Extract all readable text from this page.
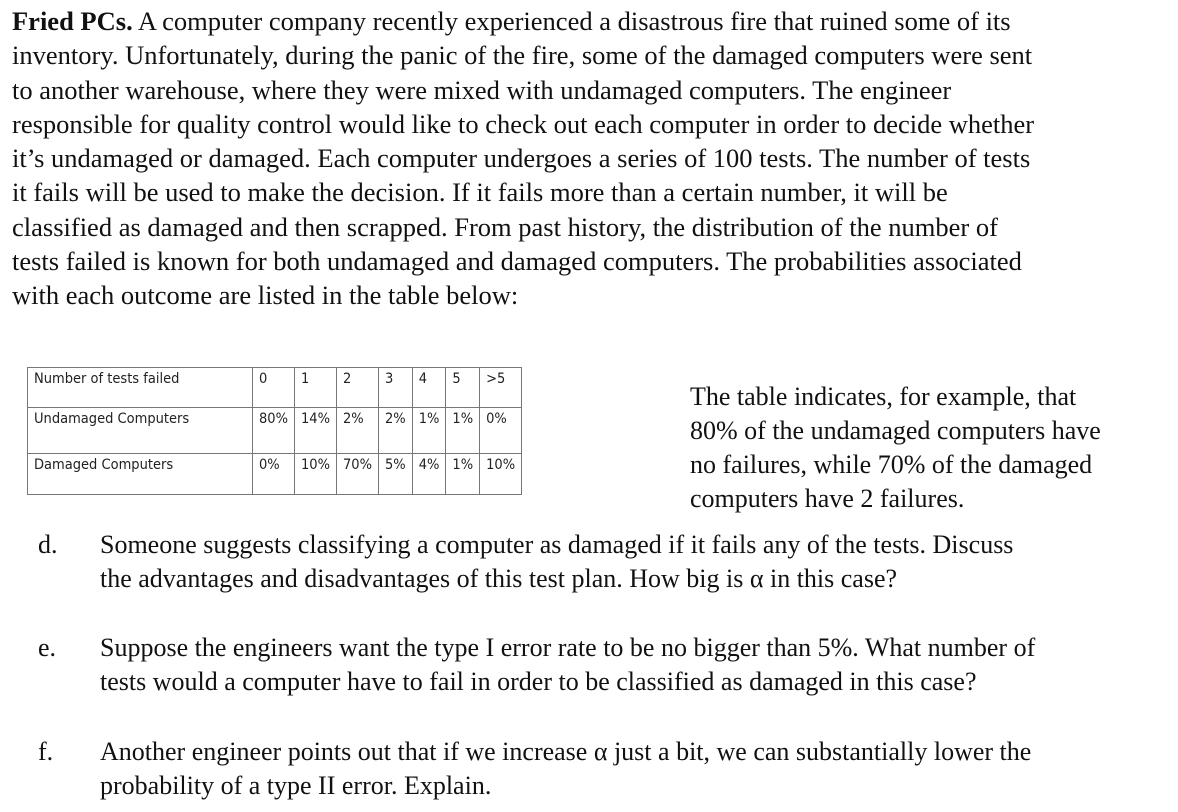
Fried PCs. A computer company recently experienced a disastrous fire that ruined some of its
inventory. Unfortunately, during the panic of the fire, some of the damaged computers were sent
to another warehouse, where they were mixed with undamaged computers. The engineer
responsible for quality control would like to check out each computer in order to decide whether
it’s undamaged or damaged. Each computer undergoes a series of 100 tests. The number of tests
it fails will be used to make the decision. If it fails more than a certain number, it will be
classified as damaged and then scrapped. From past history, the distribution of the number of
tests failed is known for both undamaged and damaged computers. The probabilities associated
with each outcome are listed in the table below:
Number of tests failed	0	1	2	3	4	5	>5
Undamaged Computers	80%	14%	2%	2%	1%	1%	0%
Damaged Computers	0%	10%	70%	5%	4%	1%	10%
The table indicates, for example, that
80% of the undamaged computers have
no failures, while 70% of the damaged
computers have 2 failures.
d. Someone suggests classifying a computer as damaged if it fails any of the tests. Discuss
the advantages and disadvantages of this test plan. How big is α in this case?
e. Suppose the engineers want the type I error rate to be no bigger than 5%. What number of
tests would a computer have to fail in order to be classified as damaged in this case?
f. Another engineer points out that if we increase α just a bit, we can substantially lower the
probability of a type II error. Explain.
